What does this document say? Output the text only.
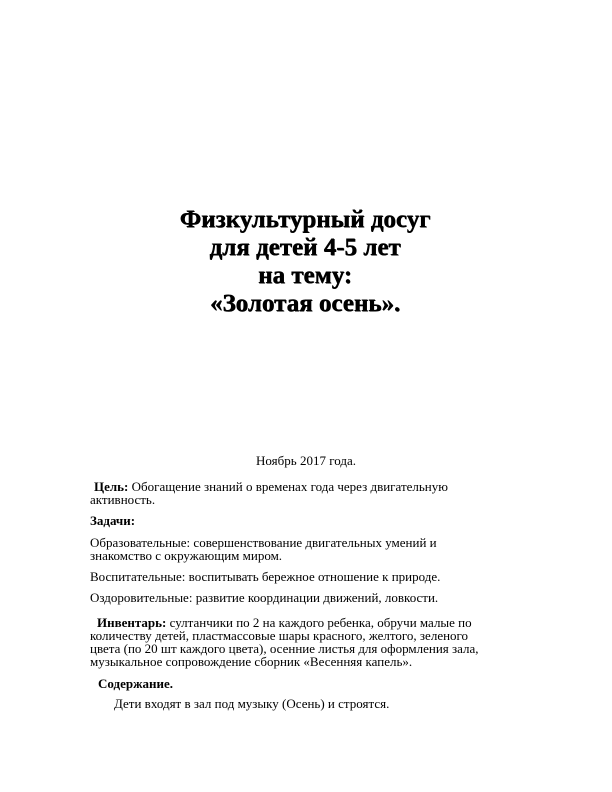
Физкультурный досуг
для детей 4-5 лет
на тему:
«Золотая осень».
Ноябрь 2017 года.
Цель: Обогащение знаний о временах года через двигательную
активность.
Задачи:
Образовательные: совершенствование двигательных умений и
знакомство с окружающим миром.
Воспитательные: воспитывать бережное отношение к природе.
Оздоровительные: развитие координации движений, ловкости.
Инвентарь: султанчики по 2 на каждого ребенка, обручи малые по
количеству детей, пластмассовые шары красного, желтого, зеленого
цвета (по 20 шт каждого цвета), осенние листья для оформления зала,
музыкальное сопровождение сборник «Весенняя капель».
Содержание.
Дети входят в зал под музыку (Осень) и строятся.
